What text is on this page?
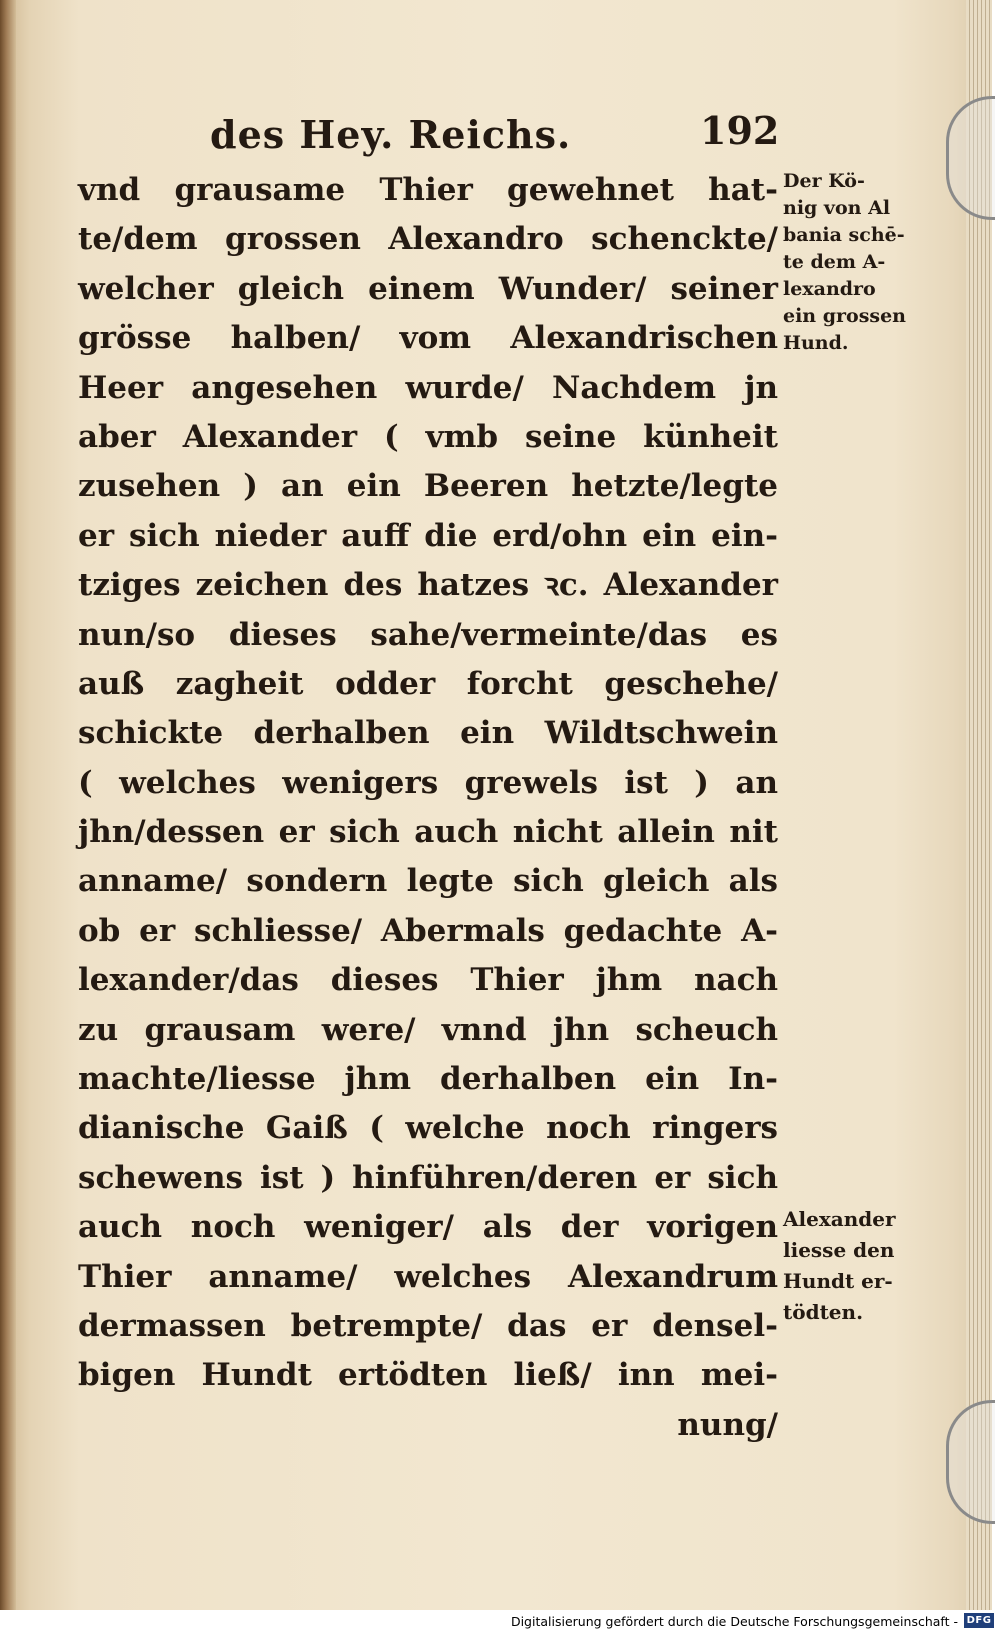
des Hey. Reichs.	192
vnd grausame Thier gewehnet hat-
te/dem grossen Alexandro schenckte/
welcher gleich einem Wunder/ seiner
grösse halben/ vom Alexandrischen
Heer angesehen wurde/ Nachdem jn
aber Alexander ( vmb seine künheit
zusehen ) an ein Beeren hetzte/legte
er sich nieder auff die erd/ohn ein ein-
tziges zeichen des hatzes ꝛc. Alexander
nun/so dieses sahe/vermeinte/das es
auß zagheit odder forcht geschehe/
schickte derhalben ein Wildtschwein
( welches wenigers grewels ist ) an
jhn/dessen er sich auch nicht allein nit
anname/ sondern legte sich gleich als
ob er schliesse/ Abermals gedachte A-
lexander/das dieses Thier jhm nach
zu grausam were/ vnnd jhn scheuch
machte/liesse jhm derhalben ein In-
dianische Gaiß ( welche noch ringers
schewens ist ) hinführen/deren er sich
auch noch weniger/ als der vorigen
Thier anname/ welches Alexandrum
dermassen betrempte/ das er densel-
bigen Hundt ertödten ließ/ inn mei-
nung/
Der Kö-
nig von Al
bania schē-
te dem A-
lexandro
ein grossen
Hund.
Alexander
liesse den
Hundt er-
tödten.
Digitalisierung gefördert durch die Deutsche Forschungsgemeinschaft - DFG
